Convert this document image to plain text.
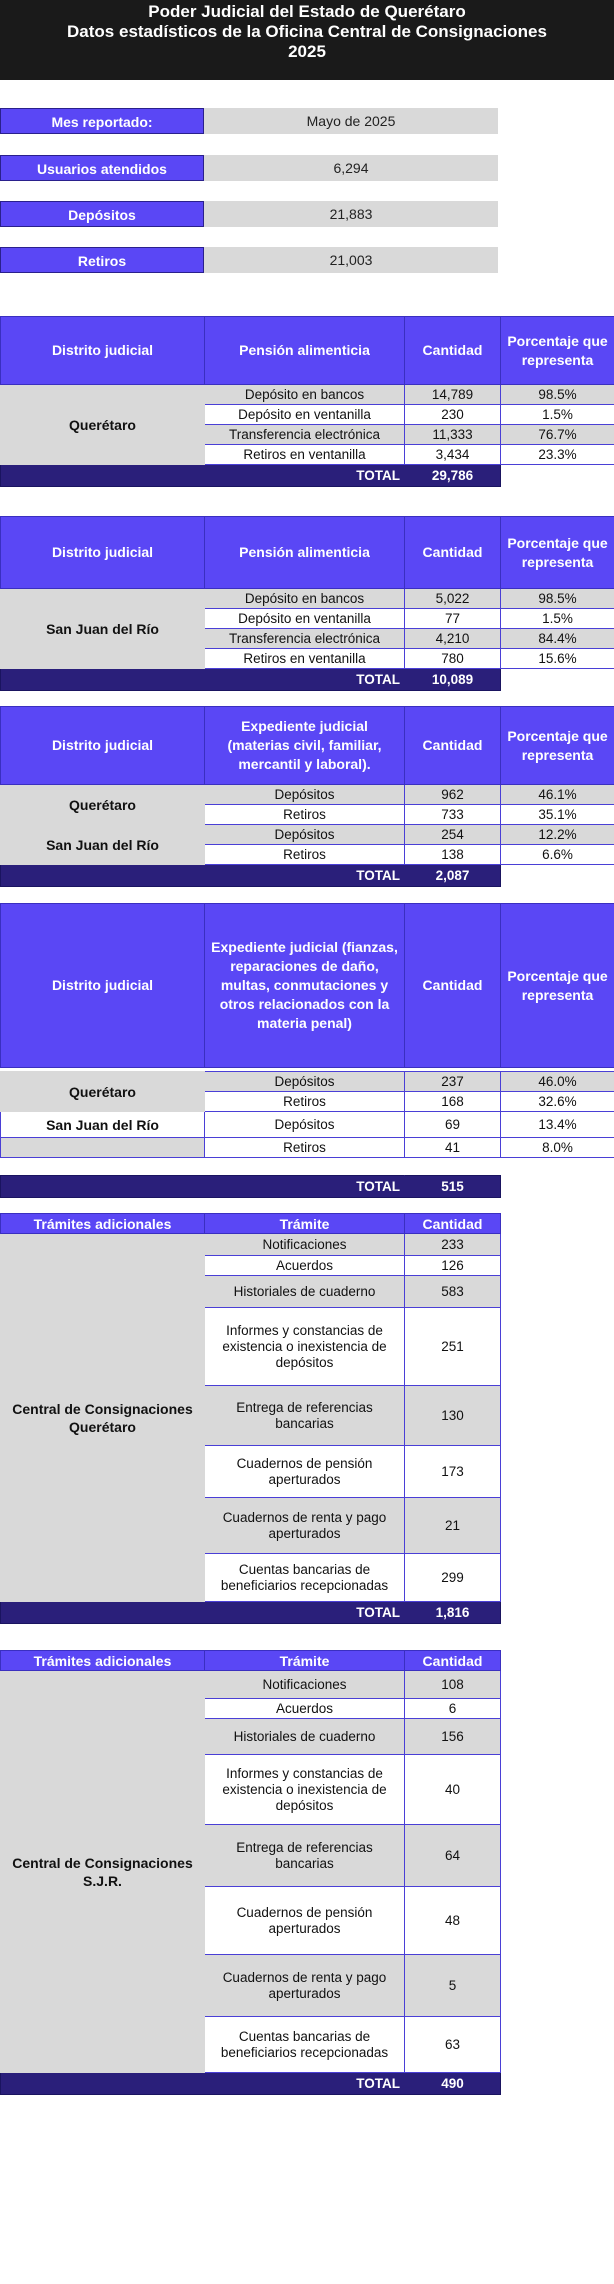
Poder Judicial del Estado de Querétaro
Datos estadísticos de la Oficina Central de Consignaciones
2025
Mes reportado:	Mayo de 2025
Usuarios atendidos	6,294
Depósitos	21,883
Retiros	21,003
Distrito judicial	Pensión alimenticia	Cantidad	Porcentaje que representa
Querétaro	Depósito en bancos	14,789	98.5%
	Depósito en ventanilla	230	1.5%
	Transferencia electrónica	11,333	76.7%
	Retiros en ventanilla	3,434	23.3%
TOTAL		29,786	
Distrito judicial	Pensión alimenticia	Cantidad	Porcentaje que representa
San Juan del Río	Depósito en bancos	5,022	98.5%
	Depósito en ventanilla	77	1.5%
	Transferencia electrónica	4,210	84.4%
	Retiros en ventanilla	780	15.6%
TOTAL		10,089	
Distrito judicial	Expediente judicial (materias civil, familiar, mercantil y laboral).	Cantidad	Porcentaje que representa
Querétaro	Depósitos	962	46.1%
	Retiros	733	35.1%
San Juan del Río	Depósitos	254	12.2%
	Retiros	138	6.6%
TOTAL		2,087	
Distrito judicial	Expediente judicial (fianzas, reparaciones de daño, multas, conmutaciones y otros relacionados con la materia penal)	Cantidad	Porcentaje que representa

Querétaro	Depósitos	237	46.0%
	Retiros	168	32.6%
San Juan del Río	Depósitos	69	13.4%
	Retiros	41	8.0%

TOTAL		515	
Trámites adicionales	Trámite	Cantidad
Central de Consignaciones Querétaro	Notificaciones	233
	Acuerdos	126
	Historiales de cuaderno	583
	Informes y constancias de existencia o inexistencia de depósitos	251
	Entrega de referencias bancarias	130
	Cuadernos de pensión aperturados	173
	Cuadernos de renta y pago aperturados	21
	Cuentas bancarias de beneficiarios recepcionadas	299
TOTAL		1,816
Trámites adicionales	Trámite	Cantidad
Central de Consignaciones S.J.R.	Notificaciones	108
	Acuerdos	6
	Historiales de cuaderno	156
	Informes y constancias de existencia o inexistencia de depósitos	40
	Entrega de referencias bancarias	64
	Cuadernos de pensión aperturados	48
	Cuadernos de renta y pago aperturados	5
	Cuentas bancarias de beneficiarios recepcionadas	63
TOTAL		490
